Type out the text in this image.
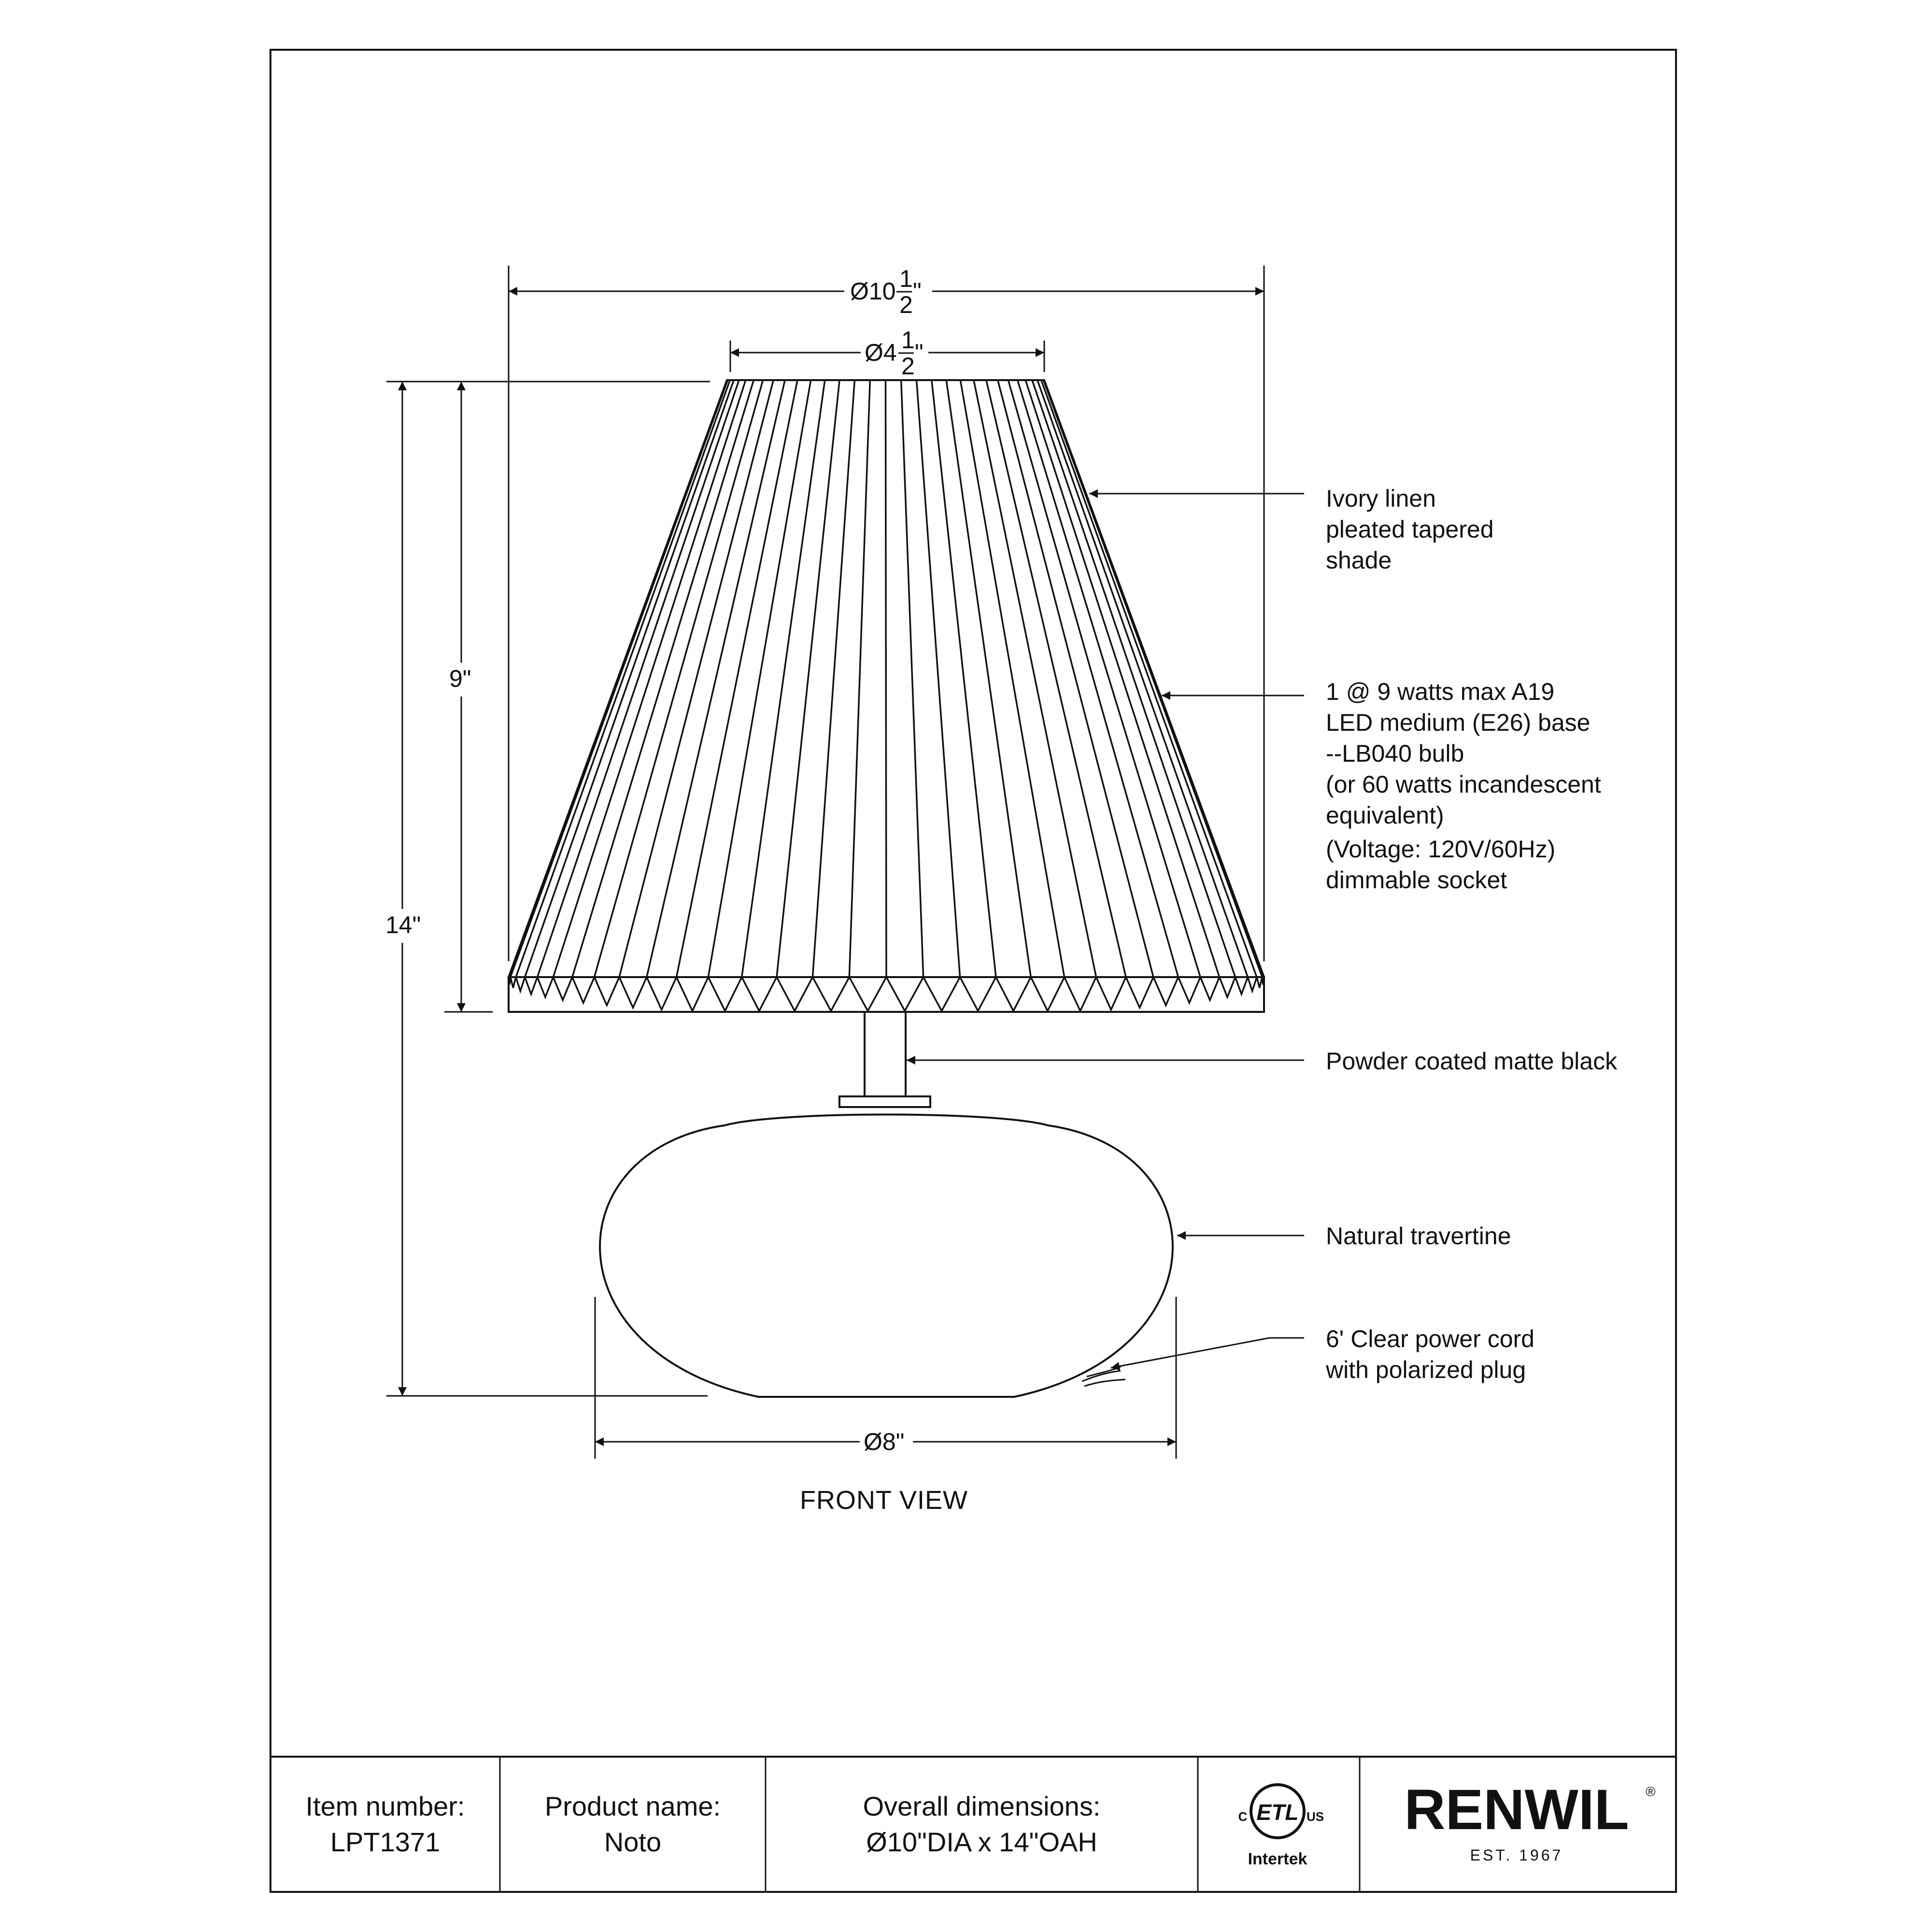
Ø10 1
2 "
Ø4 1
2 "
9"
14"
Ø8"
Ivory linen
pleated tapered
shade
1 @ 9 watts max A19
LED medium (E26) base
--LB040 bulb
(or 60 watts incandescent
equivalent)
(Voltage: 120V/60Hz)
dimmable socket
Powder coated matte black
Natural travertine
6' Clear power cord
with polarized plug
FRONT VIEW
Item number:
LPT1371
Product name:
Noto
Overall dimensions:
Ø10"DIA x 14"OAH
ETL
C	US
Intertek
RENWIL ®
EST. 1967
